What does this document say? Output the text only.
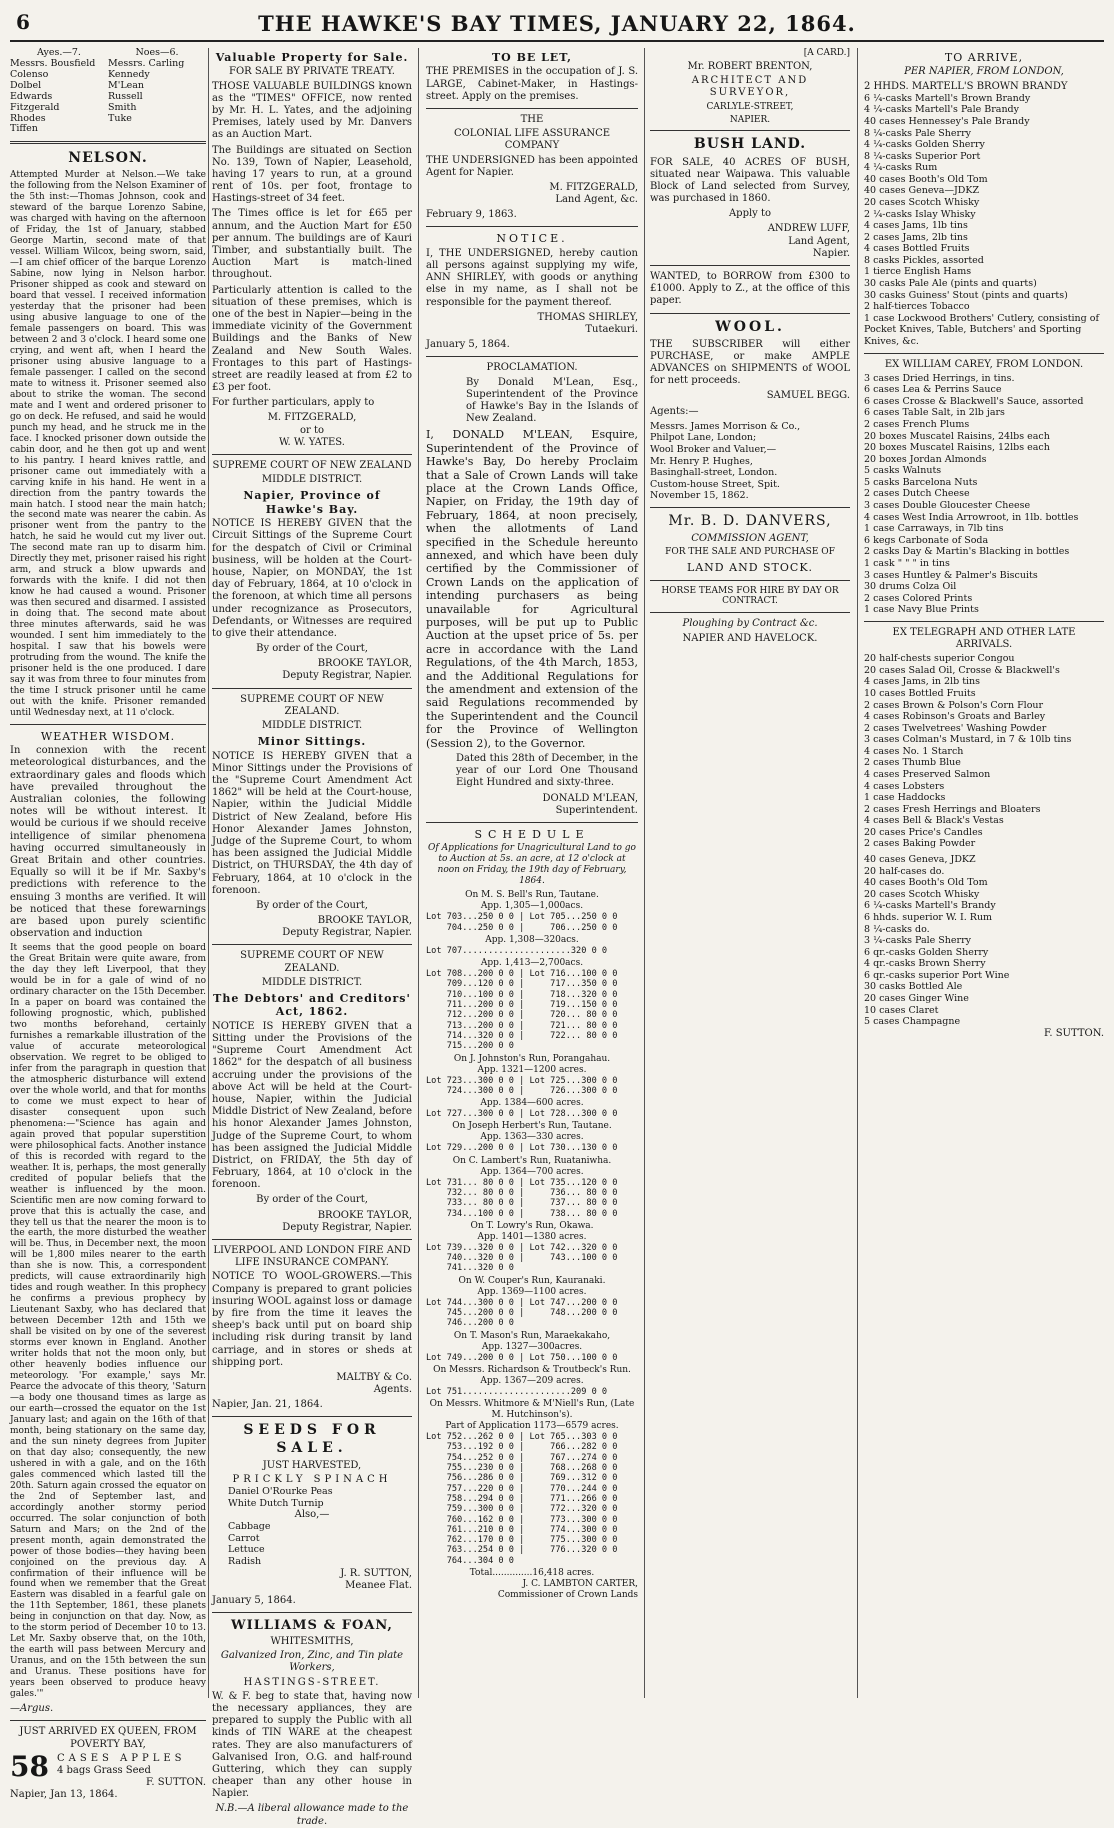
6	THE HAWKE'S BAY TIMES, JANUARY 22, 1864.
Ayes.—7.
Messrs. Bousfield
Colenso
Dolbel
Edwards
Fitzgerald
Rhodes
Tiffen
Noes—6.
Messrs. Carling
Kennedy
M'Lean
Russell
Smith
Tuke
NELSON.

Attempted Murder at Nelson.—We take the following from the Nelson Examiner of the 5th inst:—Thomas Johnson, cook and steward of the barque Lorenzo Sabine, was charged with having on the afternoon of Friday, the 1st of January, stabbed George Martin, second mate of that vessel. William Wilcox, being sworn, said,—I am chief officer of the barque Lorenzo Sabine, now lying in Nelson harbor. Prisoner shipped as cook and steward on board that vessel. I received information yesterday that the prisoner had been using abusive language to one of the female passengers on board. This was between 2 and 3 o'clock. I heard some one crying, and went aft, when I heard the prisoner using abusive language to a female passenger. I called on the second mate to witness it. Prisoner seemed also about to strike the woman. The second mate and I went and ordered prisoner to go on deck. He refused, and said he would punch my head, and he struck me in the face. I knocked prisoner down outside the cabin door, and he then got up and went to his pantry. I heard knives rattle, and prisoner came out immediately with a carving knife in his hand. He went in a direction from the pantry towards the main hatch. I stood near the main hatch; the second mate was nearer the cabin. As prisoner went from the pantry to the hatch, he said he would cut my liver out. The second mate ran up to disarm him. Directly they met, prisoner raised his right arm, and struck a blow upwards and forwards with the knife. I did not then know he had caused a wound. Prisoner was then secured and disarmed. I assisted in doing that. The second mate about three minutes afterwards, said he was wounded. I sent him immediately to the hospital. I saw that his bowels were protruding from the wound. The knife the prisoner held is the one produced. I dare say it was from three to four minutes from the time I struck prisoner until he came out with the knife. Prisoner remanded until Wednesday next, at 11 o'clock.

WEATHER WISDOM.

In connexion with the recent meteorological disturbances, and the extraordinary gales and floods which have prevailed throughout the Australian colonies, the following notes will be without interest. It would be curious if we should receive intelligence of similar phenomena having occurred simultaneously in Great Britain and other countries. Equally so will it be if Mr. Saxby's predictions with reference to the ensuing 3 months are verified. It will be noticed that these forewarnings are based upon purely scientific observation and induction

It seems that the good people on board the Great Britain were quite aware, from the day they left Liverpool, that they would be in for a gale of wind of no ordinary character on the 15th December. In a paper on board was contained the following prognostic, which, published two months beforehand, certainly furnishes a remarkable illustration of the value of accurate meteorological observation. We regret to be obliged to infer from the paragraph in question that the atmospheric disturbance will extend over the whole world, and that for months to come we must expect to hear of disaster consequent upon such phenomena:—"Science has again and again proved that popular superstition were philosophical facts. Another instance of this is recorded with regard to the weather. It is, perhaps, the most generally credited of popular beliefs that the weather is influenced by the moon. Scientific men are now coming forward to prove that this is actually the case, and they tell us that the nearer the moon is to the earth, the more disturbed the weather will be. Thus, in December next, the moon will be 1,800 miles nearer to the earth than she is now. This, a correspondent predicts, will cause extraordinarily high tides and rough weather. In this prophecy he confirms a previous prophecy by Lieutenant Saxby, who has declared that between December 12th and 15th we shall be visited on by one of the severest storms ever known in England. Another writer holds that not the moon only, but other heavenly bodies influence our meteorology. 'For example,' says Mr. Pearce the advocate of this theory, 'Saturn—a body one thousand times as large as our earth—crossed the equator on the 1st January last; and again on the 16th of that month, being stationary on the same day, and the sun ninety degrees from Jupiter on that day also; consequently, the new ushered in with a gale, and on the 16th gales commenced which lasted till the 20th. Saturn again crossed the equator on the 2nd of September last, and accordingly another stormy period occurred. The solar conjunction of both Saturn and Mars; on the 2nd of the present month, again demonstrated the power of those bodies—they having been conjoined on the previous day. A confirmation of their influence will be found when we remember that the Great Eastern was disabled in a fearful gale on the 11th September, 1861, these planets being in conjunction on that day. Now, as to the storm period of December 10 to 13. Let Mr. Saxby observe that, on the 10th, the earth will pass between Mercury and Uranus, and on the 15th between the sun and Uranus. These positions have for years been observed to produce heavy gales.'"

—Argus.

JUST ARRIVED EX QUEEN, FROM POVERTY BAY,
58 CASES APPLES
4 bags Grass Seed
F. SUTTON.
Napier, Jan 13, 1864.
Valuable Property for Sale.
FOR SALE BY PRIVATE TREATY.

THOSE VALUABLE BUILDINGS known as the "TIMES" OFFICE, now rented by Mr. H. L. Yates, and the adjoining Premises, lately used by Mr. Danvers as an Auction Mart.

The Buildings are situated on Section No. 139, Town of Napier, Leasehold, having 17 years to run, at a ground rent of 10s. per foot, frontage to Hastings-street of 34 feet.

The Times office is let for £65 per annum, and the Auction Mart for £50 per annum. The buildings are of Kauri Timber, and substantially built. The Auction Mart is match-lined throughout.

Particularly attention is called to the situation of these premises, which is one of the best in Napier—being in the immediate vicinity of the Government Buildings and the Banks of New Zealand and New South Wales. Frontages to this part of Hastings-street are readily leased at from £2 to £3 per foot.

For further particulars, apply to

M. FITZGERALD,
or to
W. W. YATES.

SUPREME COURT OF NEW ZEALAND
MIDDLE DISTRICT.
Napier, Province of Hawke's Bay.

NOTICE IS HEREBY GIVEN that the Circuit Sittings of the Supreme Court for the despatch of Civil or Criminal business, will be holden at the Court-house, Napier, on MONDAY, the 1st day of February, 1864, at 10 o'clock in the forenoon, at which time all persons under recognizance as Prosecutors, Defendants, or Witnesses are required to give their attendance.

By order of the Court,

BROOKE TAYLOR,
Deputy Registrar, Napier.

SUPREME COURT OF NEW ZEALAND.
MIDDLE DISTRICT.
Minor Sittings.

NOTICE IS HEREBY GIVEN that a Minor Sittings under the Provisions of the "Supreme Court Amendment Act 1862" will be held at the Court-house, Napier, within the Judicial Middle District of New Zealand, before His Honor Alexander James Johnston, Judge of the Supreme Court, to whom has been assigned the Judicial Middle District, on THURSDAY, the 4th day of February, 1864, at 10 o'clock in the forenoon.

By order of the Court,

BROOKE TAYLOR,
Deputy Registrar, Napier.

SUPREME COURT OF NEW ZEALAND.
MIDDLE DISTRICT.
The Debtors' and Creditors' Act, 1862.

NOTICE IS HEREBY GIVEN that a Sitting under the Provisions of the "Supreme Court Amendment Act 1862" for the despatch of all business accruing under the provisions of the above Act will be held at the Court-house, Napier, within the Judicial Middle District of New Zealand, before his honor Alexander James Johnston, Judge of the Supreme Court, to whom has been assigned the Judicial Middle District, on FRIDAY, the 5th day of February, 1864, at 10 o'clock in the forenoon.

By order of the Court,

BROOKE TAYLOR,
Deputy Registrar, Napier.

LIVERPOOL AND LONDON FIRE AND LIFE INSURANCE COMPANY.

NOTICE TO WOOL-GROWERS.—This Company is prepared to grant policies insuring WOOL against loss or damage by fire from the time it leaves the sheep's back until put on board ship including risk during transit by land carriage, and in stores or sheds at shipping port.

MALTBY & Co.
Agents.

Napier, Jan. 21, 1864.

SEEDS FOR SALE.
JUST HARVESTED,
PRICKLY SPINACH
Daniel O'Rourke Peas
White Dutch Turnip
Also,—
Cabbage
Carrot
Lettuce
Radish

J. R. SUTTON,
Meanee Flat.

January 5, 1864.

WILLIAMS & FOAN,
WHITESMITHS,
Galvanized Iron, Zinc, and Tin plate Workers,
HASTINGS-STREET.

W. & F. beg to state that, having now the necessary appliances, they are prepared to supply the Public with all kinds of TIN WARE at the cheapest rates. They are also manufacturers of Galvanised Iron, O.G. and half-round Guttering, which they can supply cheaper than any other house in Napier.

N.B.—A liberal allowance made to the trade.

TO BE LET,

THE PREMISES in the occupation of J. S. LARGE, Cabinet-Maker, in Hastings-street. Apply on the premises.

THE
COLONIAL LIFE ASSURANCE COMPANY

THE UNDERSIGNED has been appointed Agent for Napier.

M. FITZGERALD,
Land Agent, &c.

February 9, 1863.

NOTICE.

I, THE UNDERSIGNED, hereby caution all persons against supplying my wife, ANN SHIRLEY, with goods or anything else in my name, as I shall not be responsible for the payment thereof.

THOMAS SHIRLEY,
Tutaekuri.

January 5, 1864.

PROCLAMATION.

By Donald M'Lean, Esq., Superintendent of the Province of Hawke's Bay in the Islands of New Zealand.

I, DONALD M'LEAN, Esquire, Superintendent of the Province of Hawke's Bay, Do hereby Proclaim that a Sale of Crown Lands will take place at the Crown Lands Office, Napier, on Friday, the 19th day of February, 1864, at noon precisely, when the allotments of Land specified in the Schedule hereunto annexed, and which have been duly certified by the Commissioner of Crown Lands on the application of intending purchasers as being unavailable for Agricultural purposes, will be put up to Public Auction at the upset price of 5s. per acre in accordance with the Land Regulations, of the 4th March, 1853, and the Additional Regulations for the amendment and extension of the said Regulations recommended by the Superintendent and the Council for the Province of Wellington (Session 2), to the Governor.

Dated this 28th of December, in the year of our Lord One Thousand Eight Hundred and sixty-three.

DONALD M'LEAN,
Superintendent.

SCHEDULE

Of Applications for Unagricultural Land to go to Auction at 5s. an acre, at 12 o'clock at noon on Friday, the 19th day of February, 1864.

On M. S. Bell's Run, Tautane.
App. 1,305—1,000acs.
Lot 703...250 0 0 | Lot 705...250 0 0
704...250 0 0 |     706...250 0 0
App. 1,308—320acs.
Lot 707.....................320 0 0
App. 1,413—2,700acs.
Lot 708...200 0 0 | Lot 716...100 0 0
709...120 0 0 |     717...350 0 0
710...100 0 0 |     718...320 0 0
711...200 0 0 |     719...150 0 0
712...200 0 0 |     720... 80 0 0
713...200 0 0 |     721... 80 0 0
714...320 0 0 |     722... 80 0 0
715...200 0 0
On J. Johnston's Run, Porangahau.
App. 1321—1200 acres.
Lot 723...300 0 0 | Lot 725...300 0 0
724...300 0 0 |     726...300 0 0
App. 1384—600 acres.
Lot 727...300 0 0 | Lot 728...300 0 0
On Joseph Herbert's Run, Tautane.
App. 1363—330 acres.
Lot 729...200 0 0 | Lot 730...130 0 0
On C. Lambert's Run, Ruataniwha.
App. 1364—700 acres.
Lot 731... 80 0 0 | Lot 735...120 0 0
732... 80 0 0 |     736... 80 0 0
733... 80 0 0 |     737... 80 0 0
734...100 0 0 |     738... 80 0 0
On T. Lowry's Run, Okawa.
App. 1401—1380 acres.
Lot 739...320 0 0 | Lot 742...320 0 0
740...320 0 0 |     743...100 0 0
741...320 0 0
On W. Couper's Run, Kauranaki.
App. 1369—1100 acres.
Lot 744...300 0 0 | Lot 747...200 0 0
745...200 0 0 |     748...200 0 0
746...200 0 0
On T. Mason's Run, Maraekakaho,
App. 1327—300acres.
Lot 749...200 0 0 | Lot 750...100 0 0
On Messrs. Richardson & Troutbeck's Run.
App. 1367—209 acres.
Lot 751.....................209 0 0
On Messrs. Whitmore & M'Niell's Run, (Late M. Hutchinson's).
Part of Application 1173—6579 acres.
Lot 752...262 0 0 | Lot 765...303 0 0
753...192 0 0 |     766...282 0 0
754...252 0 0 |     767...274 0 0
755...230 0 0 |     768...268 0 0
756...286 0 0 |     769...312 0 0
757...220 0 0 |     770...244 0 0
758...294 0 0 |     771...266 0 0
759...300 0 0 |     772...320 0 0
760...162 0 0 |     773...300 0 0
761...210 0 0 |     774...300 0 0
762...170 0 0 |     775...300 0 0
763...254 0 0 |     776...320 0 0
764...304 0 0
Total..............16,418 acres.
J. C. LAMBTON CARTER,
Commissioner of Crown Lands
[A CARD.]
Mr. ROBERT BRENTON,
ARCHITECT AND SURVEYOR,
CARLYLE-STREET,
NAPIER.
BUSH LAND.

FOR SALE, 40 ACRES OF BUSH, situated near Waipawa. This valuable Block of Land selected from Survey, was purchased in 1860.

Apply to

ANDREW LUFF,
Land Agent,
Napier.

WANTED, to BORROW from £300 to £1000. Apply to Z., at the office of this paper.

WOOL.

THE SUBSCRIBER will either PURCHASE, or make AMPLE ADVANCES on SHIPMENTS of WOOL for nett proceeds.

SAMUEL BEGG.

Agents:—

Messrs. James Morrison & Co.,
Philpot Lane, London;
Wool Broker and Valuer,—
Mr. Henry P. Hughes,
Basinghall-street, London.
Custom-house Street, Spit.
November 15, 1862.
Mr. B. D. DANVERS,
COMMISSION AGENT,
FOR THE SALE AND PURCHASE OF
LAND AND STOCK.
HORSE TEAMS FOR HIRE BY DAY OR CONTRACT.
Ploughing by Contract &c.
NAPIER AND HAVELOCK.
TO ARRIVE,
PER NAPIER, FROM LONDON,
2 HHDS. MARTELL'S BROWN BRANDY
6 ¼-casks Martell's Brown Brandy
4 ¼-casks Martell's Pale Brandy
40 cases Hennessey's Pale Brandy
8 ¼-casks Pale Sherry
4 ¼-casks Golden Sherry
8 ¼-casks Superior Port
4 ¼-casks Rum
40 cases Booth's Old Tom
40 cases Geneva—JDKZ
20 cases Scotch Whisky
2 ¼-casks Islay Whisky
4 cases Jams, 1lb tins
2 cases Jams, 2lb tins
4 cases Bottled Fruits
8 casks Pickles, assorted
1 tierce English Hams
30 casks Pale Ale (pints and quarts)
30 casks Guiness' Stout (pints and quarts)
2 half-tierces Tobacco
1 case Lockwood Brothers' Cutlery, consisting of Pocket Knives, Table, Butchers' and Sporting Knives, &c.
EX WILLIAM CAREY, FROM LONDON.
3 cases Dried Herrings, in tins.
6 cases Lea & Perrins Sauce
6 cases Crosse & Blackwell's Sauce, assorted
6 cases Table Salt, in 2lb jars
2 cases French Plums
20 boxes Muscatel Raisins, 24lbs each
20 boxes Muscatel Raisins, 12lbs each
20 boxes Jordan Almonds
5 casks Walnuts
5 casks Barcelona Nuts
2 cases Dutch Cheese
3 cases Double Gloucester Cheese
4 cases West India Arrowroot, in 1lb. bottles
1 case Carraways, in 7lb tins
6 kegs Carbonate of Soda
2 casks Day & Martin's Blacking in bottles
1 cask " " " in tins
3 cases Huntley & Palmer's Biscuits
30 drums Colza Oil
2 cases Colored Prints
1 case Navy Blue Prints
EX TELEGRAPH AND OTHER LATE ARRIVALS.
20 half-chests superior Congou
20 cases Salad Oil, Crosse & Blackwell's
4 cases Jams, in 2lb tins
10 cases Bottled Fruits
2 cases Brown & Polson's Corn Flour
4 cases Robinson's Groats and Barley
2 cases Twelvetrees' Washing Powder
3 cases Colman's Mustard, in 7 & 10lb tins
4 cases No. 1 Starch
2 cases Thumb Blue
4 cases Preserved Salmon
4 cases Lobsters
1 case Haddocks
2 cases Fresh Herrings and Bloaters
4 cases Bell & Black's Vestas
20 cases Price's Candles
2 cases Baking Powder
40 cases Geneva, JDKZ
20 half-cases do.
40 cases Booth's Old Tom
20 cases Scotch Whisky
6 ¼-casks Martell's Brandy
6 hhds. superior W. I. Rum
8 ¼-casks do.
3 ¼-casks Pale Sherry
6 qr.-casks Golden Sherry
4 qr.-casks Brown Sherry
6 qr.-casks superior Port Wine
30 casks Bottled Ale
20 cases Ginger Wine
10 cases Claret
5 cases Champagne
F. SUTTON.
